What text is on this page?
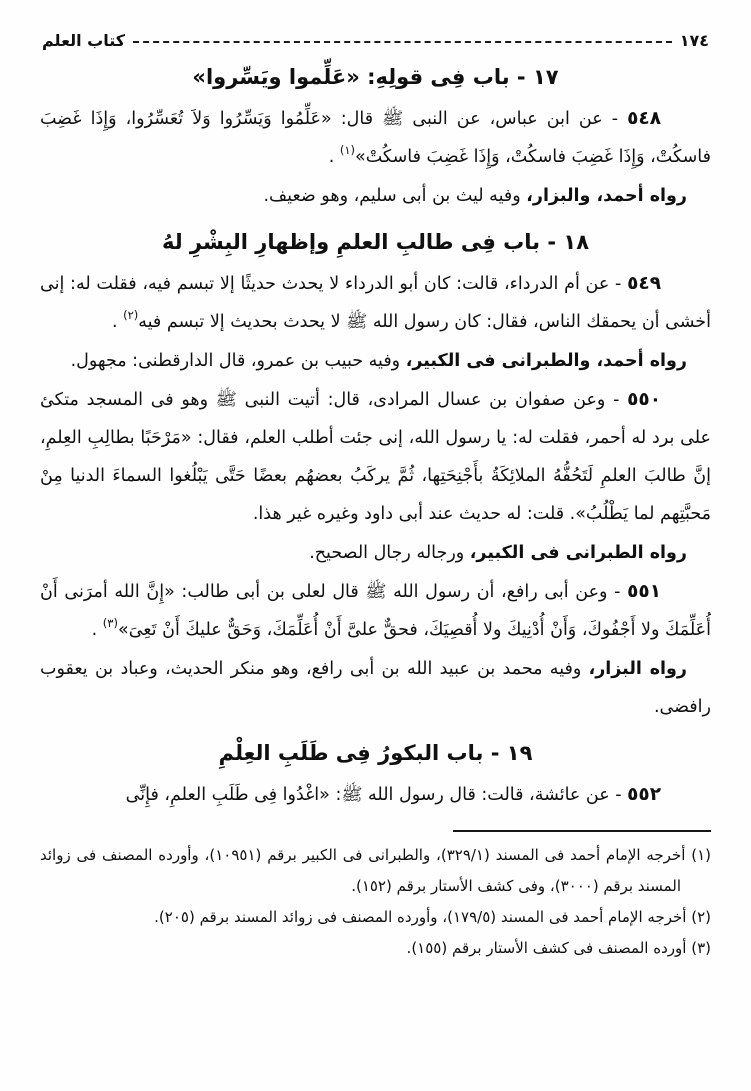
كتاب العلم	١٧٤
١٧ - باب فِى قولِهِ: «عَلِّموا ويَسِّروا»

٥٤٨ - عن ابن عباس، عن النبى ﷺ قال: «عَلِّمُوا وَيَسِّرُوا وَلاَ تُعَسِّرُوا، وَإِذَا غَضِبَ فاسكُتْ، وَإِذَا غَضِبَ فاسكُتْ، وَإِذَا غَضِبَ فاسكُتْ»$^{(١)}$ .

رواه أحمد، والبزار، وفيه ليث بن أبى سليم، وهو ضعيف.

١٨ - باب فِى طالبِ العلمِ وإظهارِ البِشْرِ لهُ

٥٤٩ - عن أم الدرداء، قالت: كان أبو الدرداء لا يحدث حديثًا إلا تبسم فيه، فقلت له: إنى أخشى أن يحمقك الناس، فقال: كان رسول الله ﷺ لا يحدث بحديث إلا تبسم فيه$^{(٢)}$ .

رواه أحمد، والطبرانى فى الكبير، وفيه حبيب بن عمرو، قال الدارقطنى: مجهول.

٥٥٠ - وعن صفوان بن عسال المرادى، قال: أتيت النبى ﷺ وهو فى المسجد متكئ على برد له أحمر، فقلت له: يا رسول الله، إنى جئت أطلب العلم، فقال: «مَرْحَبًا بطالِبِ العِلمِ، إنَّ طالبَ العلمِ لَتَحُفُّهُ الملائِكَةُ بأَجْنِحَتِها، ثُمَّ يركَبُ بعضهُم بعضًا حَتَّى يَبْلُغوا السماءَ الدنيا مِنْ مَحبَّتِهم لما يَطْلُبُ». قلت: له حديث عند أبى داود وغيره غير هذا.

رواه الطبرانى فى الكبير، ورجاله رجال الصحيح.

٥٥١ - وعن أبى رافع، أن رسول الله ﷺ قال لعلى بن أبى طالب: «إِنَّ الله أمرَنى أَنْ أُعَلِّمَكَ ولا أَجْفُوكَ، وَأَنْ أُدْنِيكَ ولا أُقصِيَكَ، فحقٌّ علىَّ أَنْ أُعَلِّمَكَ، وَحَقٌّ عليكَ أَنْ تَعِىَ»$^{(٣)}$ .

رواه البزار، وفيه محمد بن عبيد الله بن أبى رافع، وهو منكر الحديث، وعباد بن يعقوب رافضى.

١٩ - باب البكورُ فِى طَلَبِ العِلْمِ

٥٥٢ - عن عائشة، قالت: قال رسول الله ﷺ: «اغْدُوا فِى طَلَبِ العلمِ، فإِنِّى

(١) أخرجه الإمام أحمد فى المسند (٣٢٩/١)، والطبرانى فى الكبير برقم (١٠٩٥١)، وأورده المصنف فى زوائد المسند برقم (٣٠٠٠)، وفى كشف الأستار برقم (١٥٢).

(٢) أخرجه الإمام أحمد فى المسند (١٧٩/٥)، وأورده المصنف فى زوائد المسند برقم (٢٠٥).

(٣) أورده المصنف فى كشف الأستار برقم (١٥٥).
